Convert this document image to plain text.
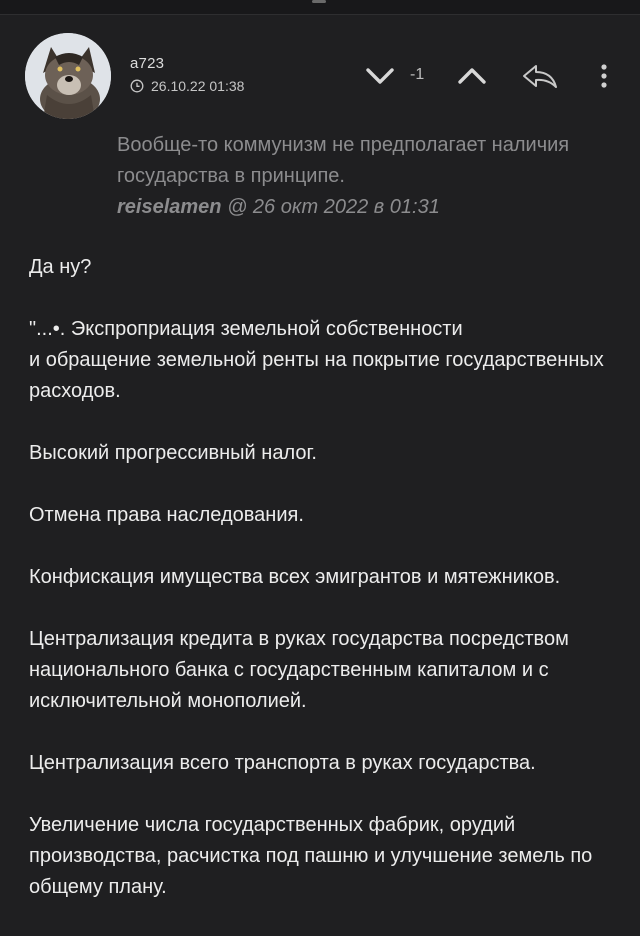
a723
26.10.22 01:38
-1
Вообще-то коммунизм не предполагает наличия государства в принципе.
reiselamen @ 26 окт 2022 в 01:31

Да ну?

"...•. Экспроприация земельной собственности
и обращение земельной ренты на покрытие государственных расходов.

Высокий прогрессивный налог.

Отмена права наследования.

Конфискация имущества всех эмигрантов и мятежников.

Централизация кредита в руках государства посредством национального банка с государственным капиталом и с исключительной монополией.

Централизация всего транспорта в руках государства.

Увеличение числа государственных фабрик, орудий производства, расчистка под пашню и улучшение земель по общему плану.
